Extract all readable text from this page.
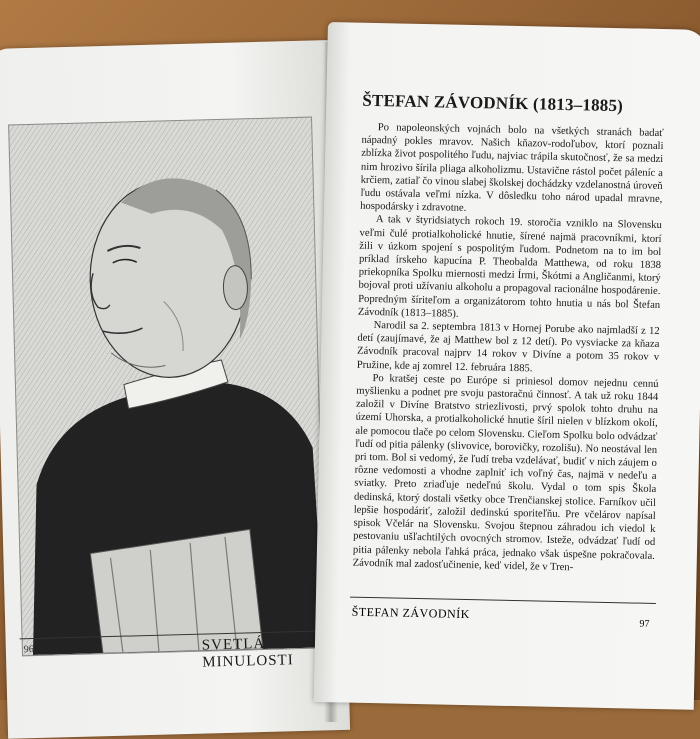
96	SVETLÁ MINULOSTI
ŠTEFAN ZÁVODNÍK (1813–1885)

Po napoleonských vojnách bolo na všetkých stranách badať nápadný pokles mravov. Našich kňazov-rodoľubov, ktorí poznali zblízka život pospolitého ľudu, najviac trápila skutočnosť, že sa medzi nim hrozivo šírila pliaga alkoholizmu. Ustavične rástol počet páleníc a krčiem, zatiaľ čo vinou slabej školskej dochádzky vzdelanostná úroveň ľudu ostávala veľmi nízka. V dôsledku toho národ upadal mravne, hospodársky i zdravotne.

A tak v štyridsiatych rokoch 19. storočia vzniklo na Slovensku veľmi čulé protialkoholické hnutie, šírené najmä pracovníkmi, ktorí žili v úzkom spojení s pospolitým ľudom. Podnetom na to im bol príklad írskeho kapucína P. Theobalda Matthewa, od roku 1838 priekopníka Spolku miernosti medzi Írmi, Škótmi a Angličanmi, ktorý bojoval proti užívaniu alkoholu a propagoval racionálne hospodárenie. Popredným šíriteľom a organizátorom tohto hnutia u nás bol Štefan Závodník (1813–1885).

Narodil sa 2. septembra 1813 v Hornej Porube ako najmladší z 12 detí (zaujímavé, že aj Matthew bol z 12 detí). Po vysviacke za kňaza Závodník pracoval najprv 14 rokov v Divíne a potom 35 rokov v Pružine, kde aj zomrel 12. februára 1885.

Po kratšej ceste po Európe si priniesol domov nejednu cennú myšlienku a podnet pre svoju pastoračnú činnosť. A tak už roku 1844 založil v Divíne Bratstvo striezlivosti, prvý spolok tohto druhu na území Uhorska, a protialkoholické hnutie šíril nielen v blízkom okolí, ale pomocou tlače po celom Slovensku. Cieľom Spolku bolo odvádzať ľudí od pitia pálenky (slivovice, borovičky, rozolišu). No neostával len pri tom. Bol si vedomý, že ľudí treba vzdelávať, budiť v nich záujem o rôzne vedomosti a vhodne zaplniť ich voľný čas, najmä v nedeľu a sviatky. Preto zriaďuje nedeľnú školu. Vydal o tom spis Škola dedinská, ktorý dostali všetky obce Trenčianskej stolice. Farníkov učil lepšie hospodáriť, založil dedinskú sporiteľňu. Pre včelárov napísal spisok Včelár na Slovensku. Svojou štepnou záhradou ich viedol k pestovaniu ušľachtilých ovocných stromov. Isteže, odvádzať ľudí od pitia pálenky nebola ľahká práca, jednako však úspešne pokračovala. Závodník mal zadosťučinenie, keď videl, že v Tren-

ŠTEFAN ZÁVODNÍK
97
